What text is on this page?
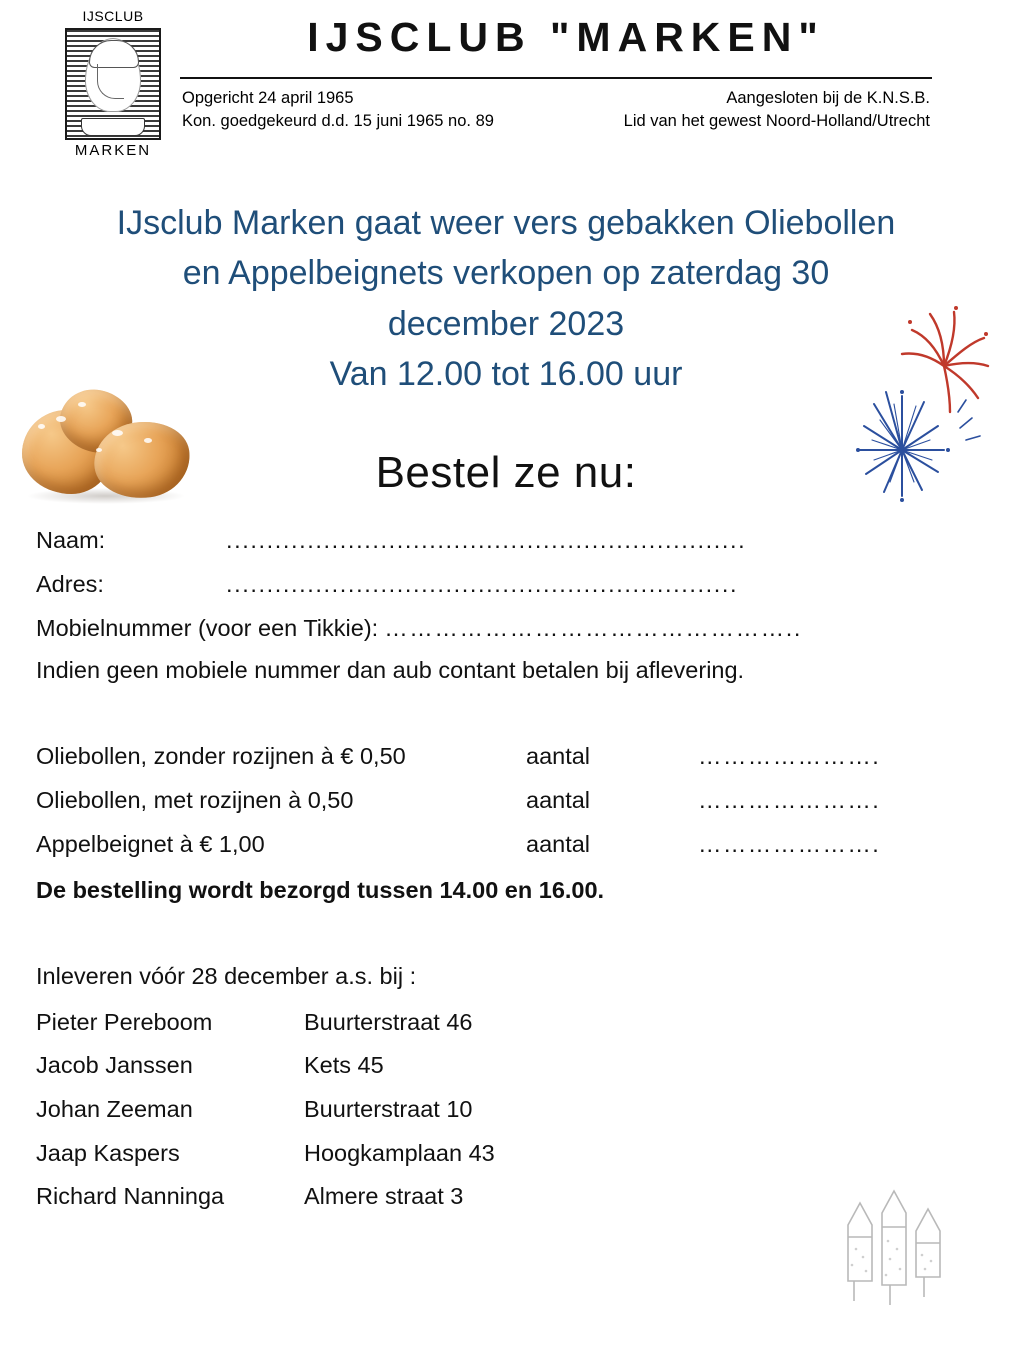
IJSCLUB
MARKEN
IJSCLUB "MARKEN"
Opgericht 24 april 1965
Kon. goedgekeurd d.d. 15 juni 1965 no. 89
Aangesloten bij de K.N.S.B.
Lid van het gewest Noord-Holland/Utrecht
IJsclub Marken gaat weer vers gebakken Oliebollen
en Appelbeignets verkopen op zaterdag 30
december 2023
Van 12.00 tot 16.00 uur
Bestel ze nu:
Naam:	................................................................
Adres:	...............................................................
Mobielnummer (voor een Tikkie): …………………………………………..
Indien geen mobiele nummer dan aub contant betalen bij aflevering.
Oliebollen, zonder rozijnen à € 0,50	aantal	………………….
Oliebollen, met rozijnen à 0,50	aantal	………………….
Appelbeignet à € 1,00	aantal	………………….
De bestelling wordt bezorgd tussen 14.00 en 16.00.
Inleveren vóór 28 december a.s. bij :
Pieter Pereboom	Buurterstraat 46
Jacob Janssen	Kets 45
Johan Zeeman	Buurterstraat 10
Jaap Kaspers	Hoogkamplaan 43
Richard Nanninga	Almere straat 3
